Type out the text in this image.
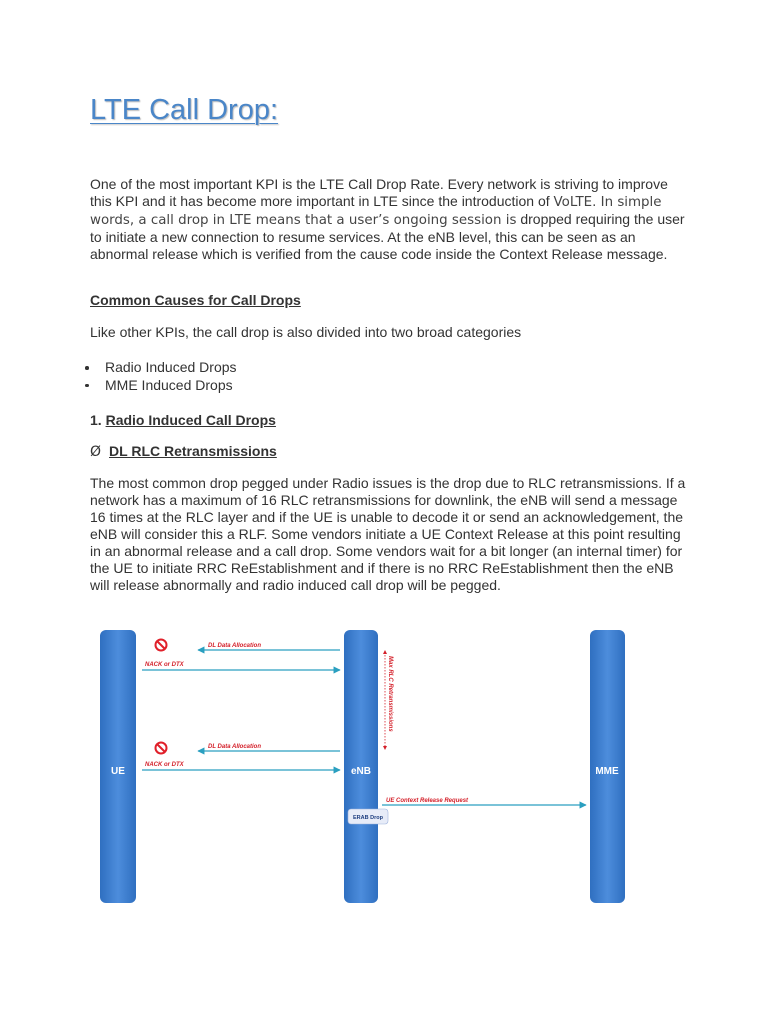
LTE Call Drop:

One of the most important KPI is the LTE Call Drop Rate. Every network is striving to improve this KPI and it has become more important in LTE since the introduction of VoLTE. In simple words, a call drop in LTE means that a user’s ongoing session is dropped requiring the user to initiate a new connection to resume services. At the eNB level, this can be seen as an abnormal release which is verified from the cause code inside the Context Release message.

Common Causes for Call Drops

Like other KPIs, the call drop is also divided into two broad categories

Radio Induced Drops
MME Induced Drops
1. Radio Induced Call Drops
Ø DL RLC Retransmissions

The most common drop pegged under Radio issues is the drop due to RLC retransmissions. If a network has a maximum of 16 RLC retransmissions for downlink, the eNB will send a message 16 times at the RLC layer and if the UE is unable to decode it or send an acknowledgement, the eNB will consider this a RLF. Some vendors initiate a UE Context Release at this point resulting in an abnormal release and a call drop. Some vendors wait for a bit longer (an internal timer) for the UE to initiate RRC ReEstablishment and if there is no RRC ReEstablishment then the eNB will release abnormally and radio induced call drop will be pegged.

UE	eNB	MME
DL Data Allocation
NACK or DTX	Max RLC Retransmissions
DL Data Allocation
NACK or DTX
UE Context Release Request
ERAB Drop
